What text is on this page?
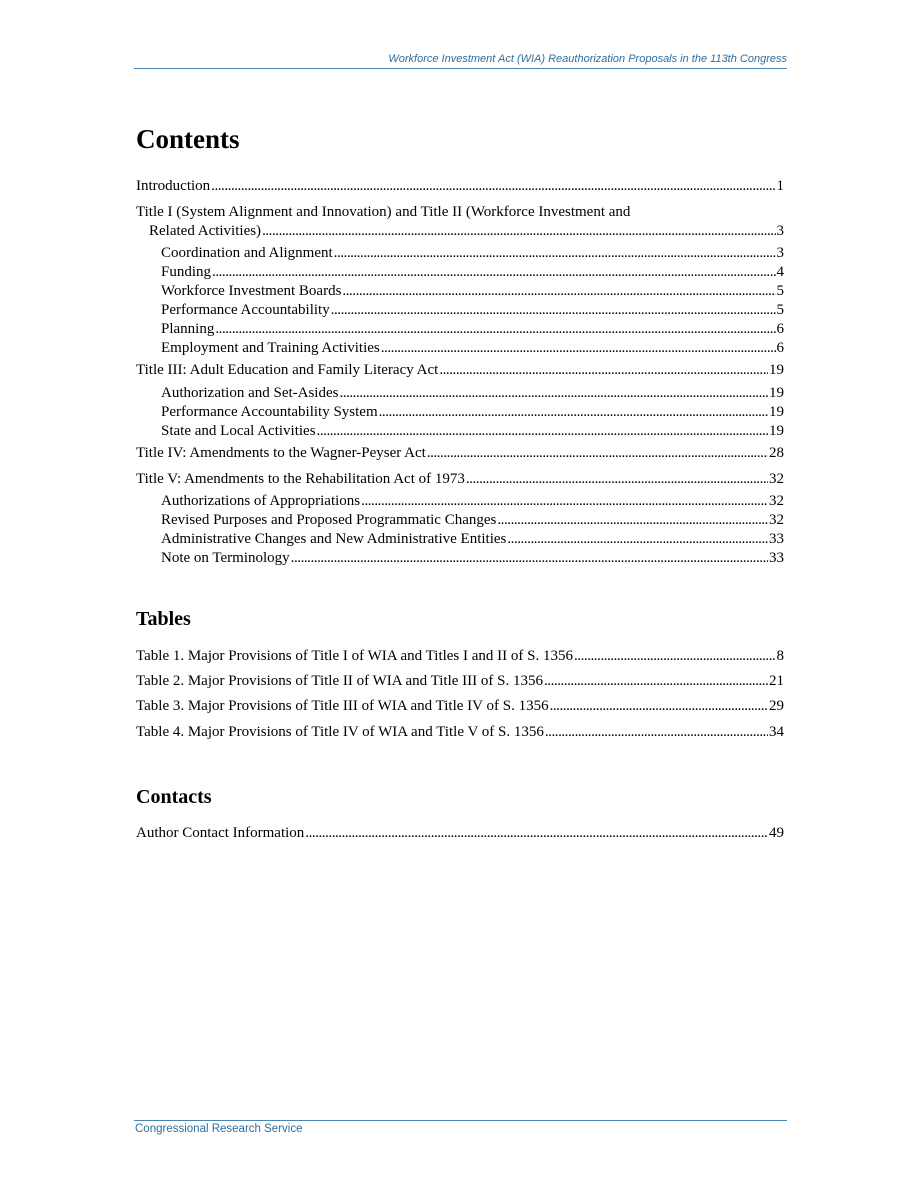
Workforce Investment Act (WIA) Reauthorization Proposals in the 113th Congress
Contents
Introduction . . .	1
Title I (System Alignment and Innovation) and Title II (Workforce Investment and
Related Activities) . . .	3
Coordination and Alignment . . .	3
Funding . . .	4
Workforce Investment Boards . . .	5
Performance Accountability . . .	5
Planning . . .	6
Employment and Training Activities . . .	6
Title III: Adult Education and Family Literacy Act . . .	19
Authorization and Set-Asides . . .	19
Performance Accountability System . . .	19
State and Local Activities . . .	19
Title IV: Amendments to the Wagner-Peyser Act . . .	28
Title V: Amendments to the Rehabilitation Act of 1973 . . .	32
Authorizations of Appropriations . . .	32
Revised Purposes and Proposed Programmatic Changes . . .	32
Administrative Changes and New Administrative Entities . . .	33
Note on Terminology . . .	33
Tables
Table 1. Major Provisions of Title I of WIA and Titles I and II of S. 1356 . . .	8
Table 2. Major Provisions of Title II of WIA and Title III of S. 1356 . . .	21
Table 3. Major Provisions of Title III of WIA and Title IV of S. 1356 . . .	29
Table 4. Major Provisions of Title IV of WIA and Title V of S. 1356 . . .	34
Contacts
Author Contact Information . . .	49
Congressional Research Service
